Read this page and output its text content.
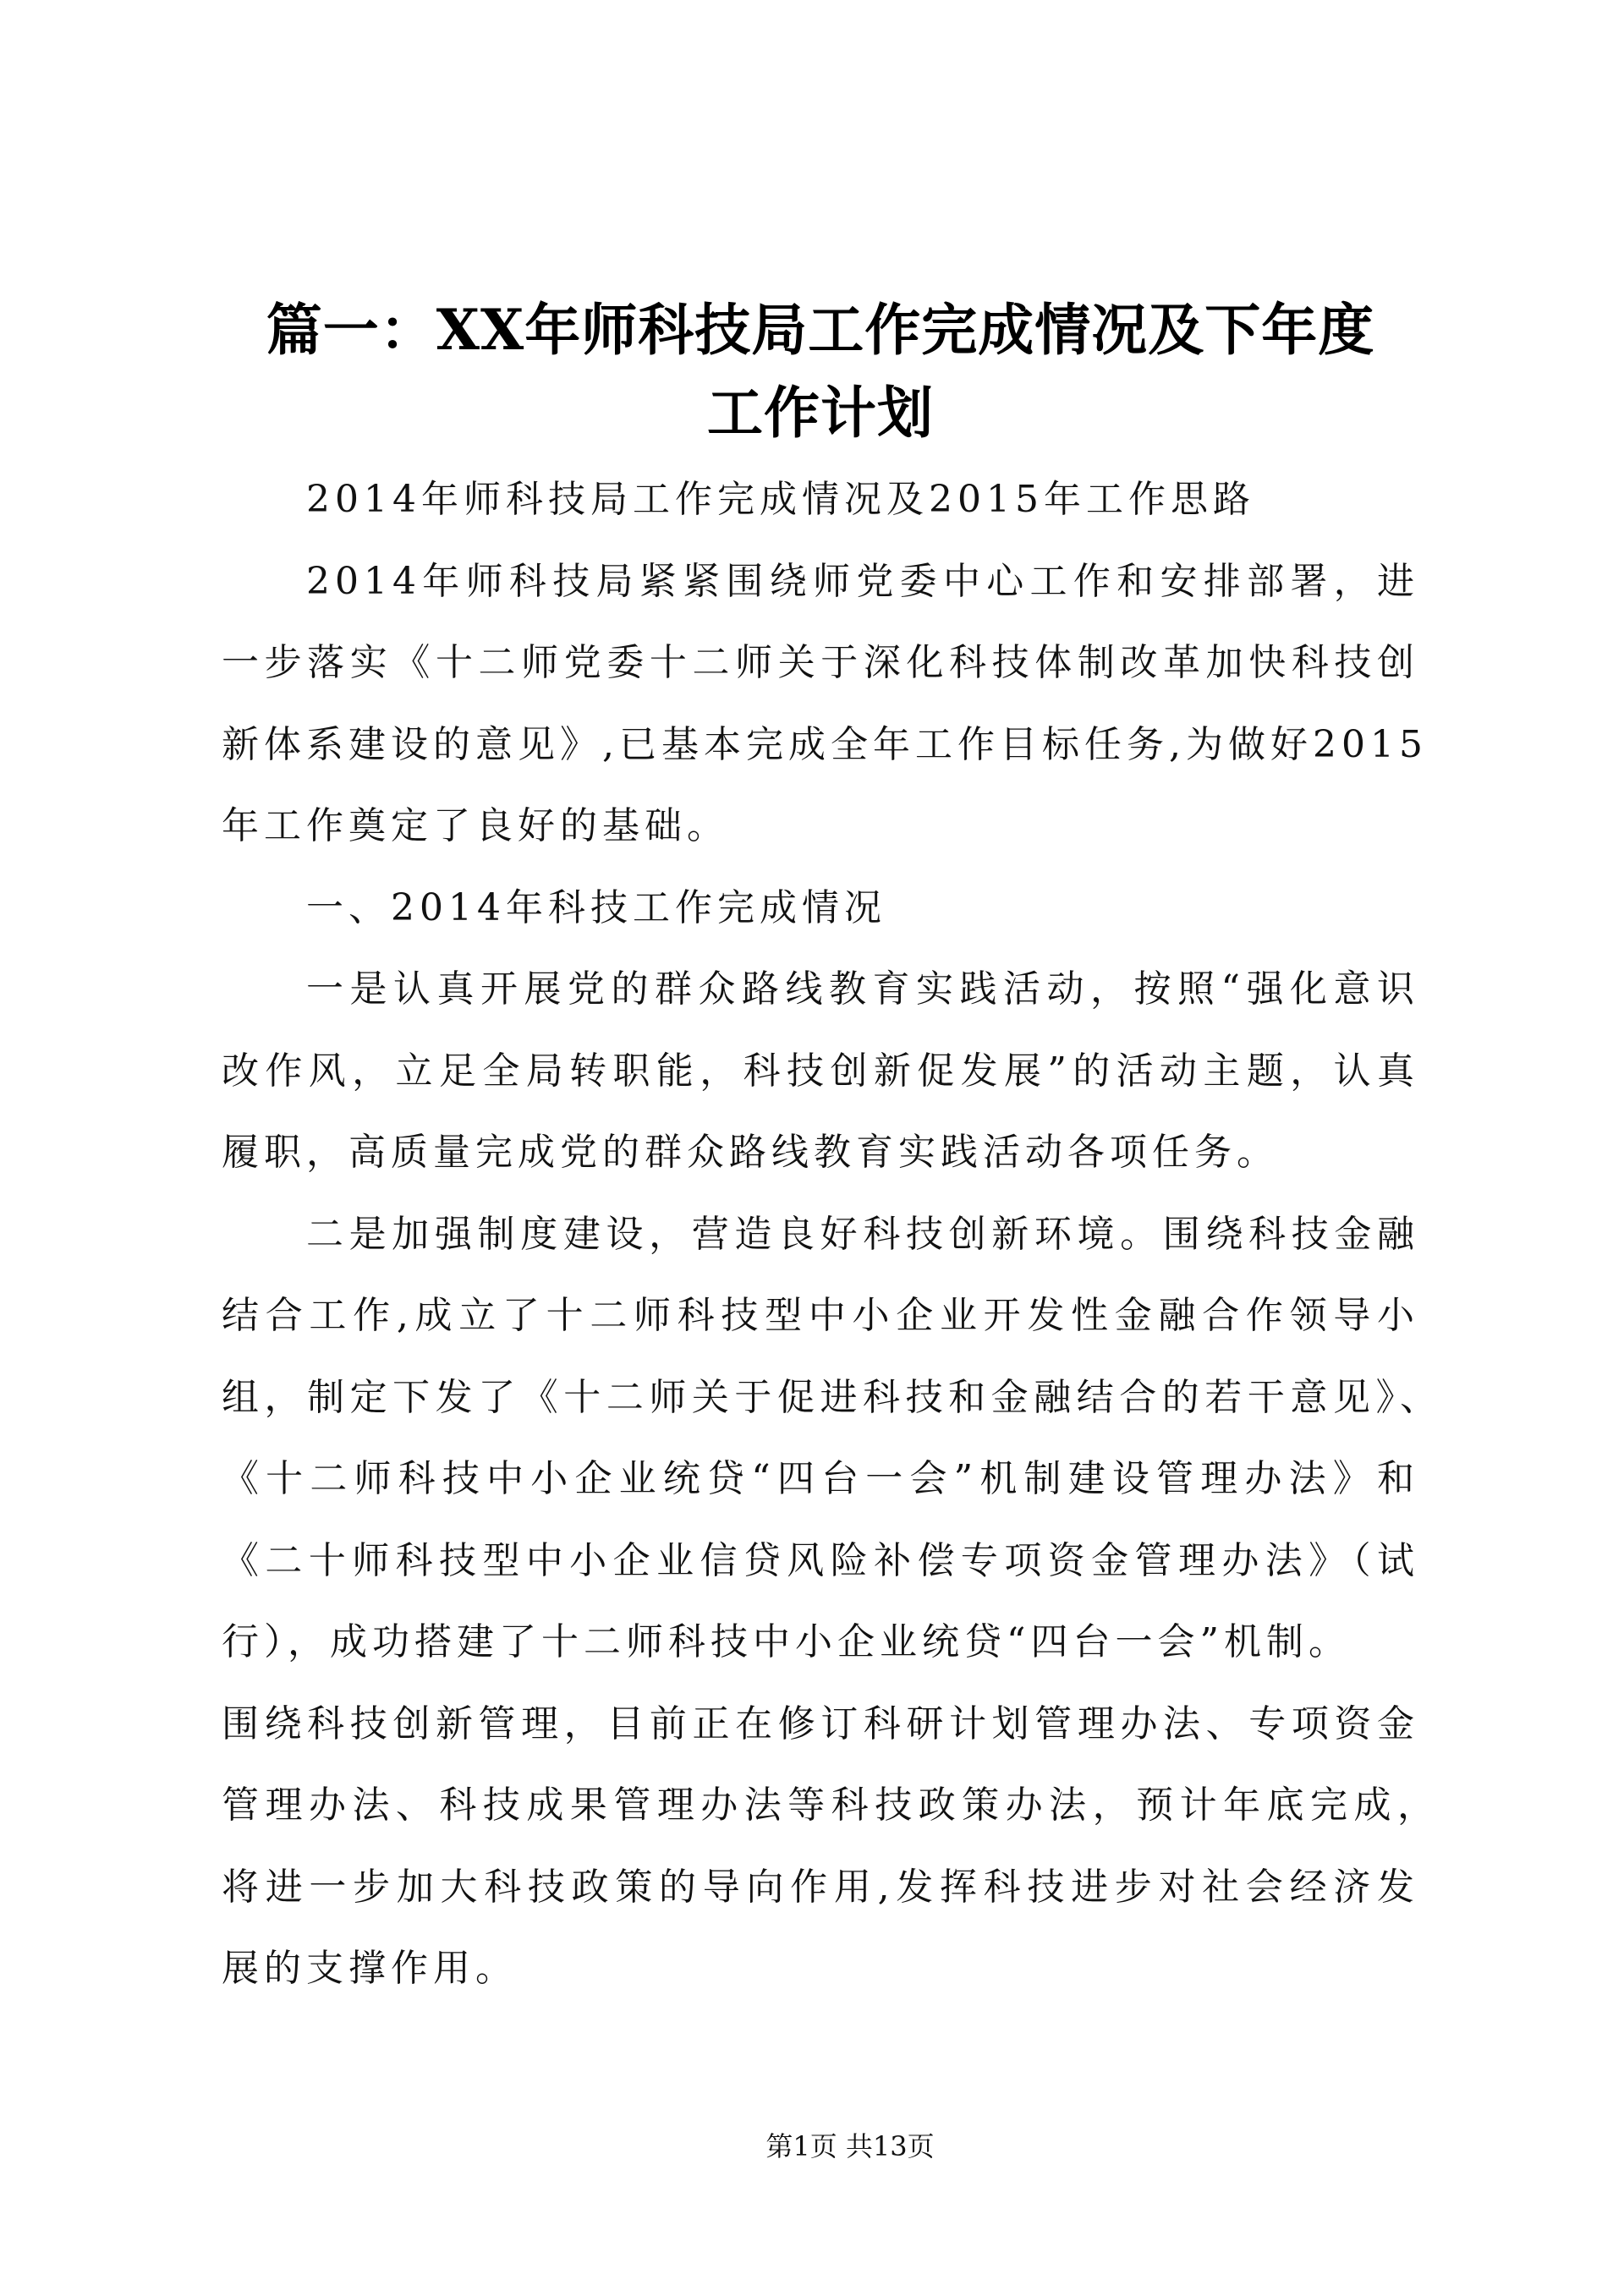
篇一：XX年师科技局工作完成情况及下年度
工作计划
2014年师科技局工作完成情况及2015年工作思路
2014年师科技局紧紧围绕师党委中心工作和安排部署，进
一步落实《十二师党委十二师关于深化科技体制改革加快科技创
新体系建设的意见》,已基本完成全年工作目标任务,为做好2015
年工作奠定了良好的基础。
一、2014年科技工作完成情况
一是认真开展党的群众路线教育实践活动，按照“强化意识
改作风，立足全局转职能，科技创新促发展”的活动主题，认真
履职，高质量完成党的群众路线教育实践活动各项任务。
二是加强制度建设，营造良好科技创新环境。围绕科技金融
结合工作,成立了十二师科技型中小企业开发性金融合作领导小
组，制定下发了《十二师关于促进科技和金融结合的若干意见》、
《十二师科技中小企业统贷“四台一会”机制建设管理办法》和
《二十师科技型中小企业信贷风险补偿专项资金管理办法》（试
行），成功搭建了十二师科技中小企业统贷“四台一会”机制。
围绕科技创新管理，目前正在修订科研计划管理办法、专项资金
管理办法、科技成果管理办法等科技政策办法，预计年底完成，
将进一步加大科技政策的导向作用,发挥科技进步对社会经济发
展的支撑作用。
第1页 共13页
